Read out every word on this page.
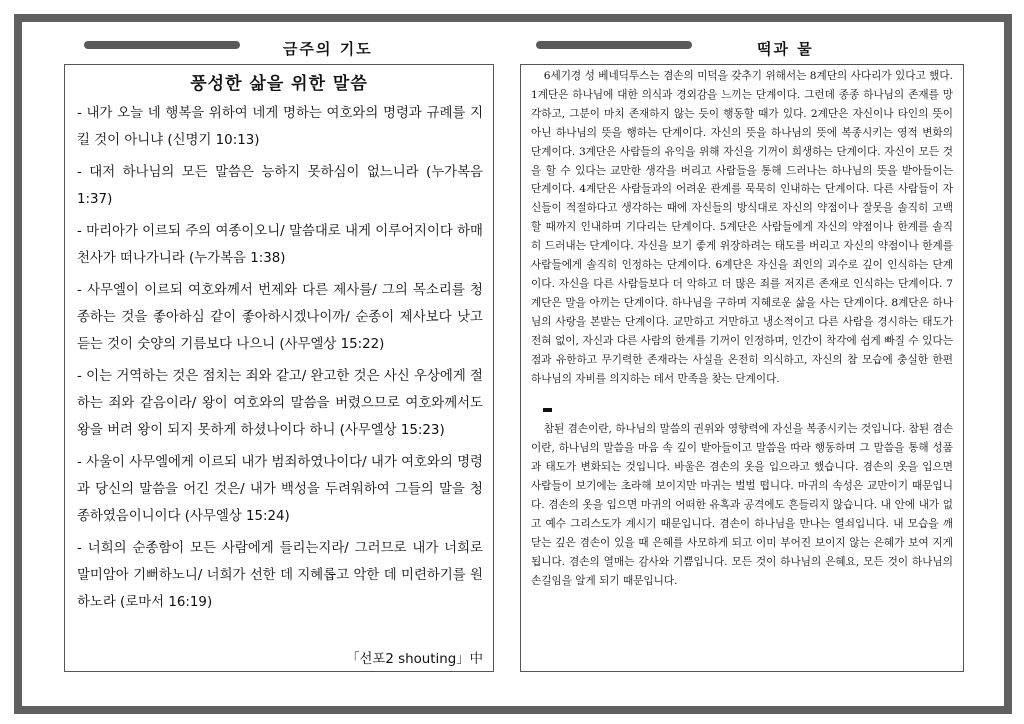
금주의 기도	떡과 물
풍성한 삶을 위한 말씀
- 내가 오늘 네 행복을 위하여 네게 명하는 여호와의 명령과 규례를 지킬 것이 아니냐 (신명기 10:13)
- 대저 하나님의 모든 말씀은 능하지 못하심이 없느니라 (누가복음 1:37)
- 마리아가 이르되 주의 여종이오니/ 말씀대로 내게 이루어지이다 하매 천사가 떠나가니라 (누가복음 1:38)
- 사무엘이 이르되 여호와께서 번제와 다른 제사를/ 그의 목소리를 청종하는 것을 좋아하심 같이 좋아하시겠나이까/ 순종이 제사보다 낫고 듣는 것이 숫양의 기름보다 나으니 (사무엘상 15:22)
- 이는 거역하는 것은 점치는 죄와 같고/ 완고한 것은 사신 우상에게 절하는 죄와 같음이라/ 왕이 여호와의 말씀을 버렸으므로 여호와께서도 왕을 버려 왕이 되지 못하게 하셨나이다 하니 (사무엘상 15:23)
- 사울이 사무엘에게 이르되 내가 범죄하였나이다/ 내가 여호와의 명령과 당신의 말씀을 어긴 것은/ 내가 백성을 두려워하여 그들의 말을 청종하였음이니이다 (사무엘상 15:24)
- 너희의 순종함이 모든 사람에게 들리는지라/ 그러므로 내가 너희로 말미암아 기뻐하노니/ 너희가 선한 데 지혜롭고 악한 데 미련하기를 원하노라 (로마서 16:19)
「선포2 shouting」中

6세기경 성 베네딕투스는 겸손의 미덕을 갖추기 위해서는 8계단의 사다리가 있다고 했다. 1계단은 하나님에 대한 의식과 경외감을 느끼는 단계이다. 그런데 종종 하나님의 존재를 망각하고, 그분이 마치 존재하지 않는 듯이 행동할 때가 있다. 2계단은 자신이나 타인의 뜻이 아닌 하나님의 뜻을 행하는 단계이다. 자신의 뜻을 하나님의 뜻에 복종시키는 영적 변화의 단계이다. 3계단은 사람들의 유익을 위해 자신을 기꺼이 희생하는 단계이다. 자신이 모든 것을 할 수 있다는 교만한 생각을 버리고 사람들을 통해 드러나는 하나님의 뜻을 받아들이는 단계이다. 4계단은 사람들과의 어려운 관계를 묵묵히 인내하는 단계이다. 다른 사람들이 자신들이 적절하다고 생각하는 때에 자신들의 방식대로 자신의 약점이나 잘못을 솔직히 고백할 때까지 인내하며 기다리는 단계이다. 5계단은 사람들에게 자신의 약점이나 한계를 솔직히 드러내는 단계이다. 자신을 보기 좋게 위장하려는 태도를 버리고 자신의 약점이나 한계를 사람들에게 솔직히 인정하는 단계이다. 6계단은 자신을 죄인의 괴수로 깊이 인식하는 단계이다. 자신을 다른 사람들보다 더 악하고 더 많은 죄를 저지른 존재로 인식하는 단계이다. 7계단은 말을 아끼는 단계이다. 하나님을 구하며 지혜로운 삶을 사는 단계이다. 8계단은 하나님의 사랑을 본받는 단계이다. 교만하고 거만하고 냉소적이고 다른 사람을 경시하는 태도가 전혀 없이, 자신과 다른 사람의 한계를 기꺼이 인정하며, 인간이 착각에 쉽게 빠질 수 있다는 점과 유한하고 무기력한 존재라는 사실을 온전히 의식하고, 자신의 참 모습에 충실한 한편 하나님의 자비를 의지하는 데서 만족을 찾는 단계이다.

참된 겸손이란, 하나님의 말씀의 권위와 영향력에 자신을 복종시키는 것입니다. 참된 겸손이란, 하나님의 말씀을 마음 속 깊이 받아들이고 말씀을 따라 행동하며 그 말씀을 통해 성품과 태도가 변화되는 것입니다. 바울은 겸손의 옷을 입으라고 했습니다. 겸손의 옷을 입으면 사람들이 보기에는 초라해 보이지만 마귀는 벌벌 떱니다. 마귀의 속성은 교만이기 때문입니다. 겸손의 옷을 입으면 마귀의 어떠한 유혹과 공격에도 흔들리지 않습니다. 내 안에 내가 없고 예수 그리스도가 계시기 때문입니다. 겸손이 하나님을 만나는 열쇠입니다. 내 모습을 깨닫는 깊은 겸손이 있을 때 은혜를 사모하게 되고 이미 부어진 보이지 않는 은혜가 보여 지게 됩니다. 겸손의 열매는 감사와 기쁨입니다. 모든 것이 하나님의 은혜요, 모든 것이 하나님의 손길임을 알게 되기 때문입니다.
